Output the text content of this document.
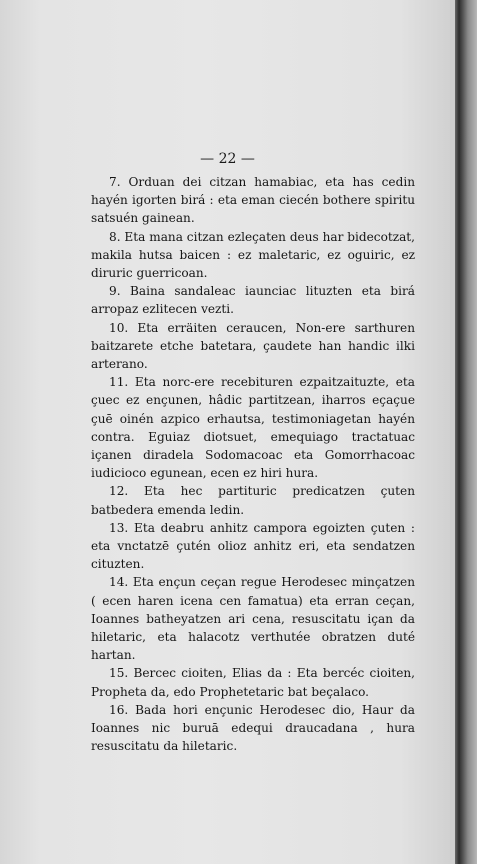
— 22 —

7. Orduan dei citzan hamabiac, eta has cedin hayén igorten birá : eta eman ciecén bothere spiritu satsuén gainean.

8. Eta mana citzan ezleçaten deus har bidecotzat, makila hutsa baicen : ez maletaric, ez oguiric, ez diruric guerricoan.

9. Baina sandaleac iaunciac lituzten eta birá arropaz ezlitecen vezti.

10. Eta erräiten ceraucen, Non-ere sarthuren baitzarete etche batetara, çaudete han handic ilki arterano.

11. Eta norc-ere recebituren ezpaitzaituzte, eta çuec ez ençunen, hâdic partitzean, iharros eçaçue çuē oinén azpico erhautsa, testimoniagetan hayén contra. Eguiaz diotsuet, emequiago tractatuac içanen diradela Sodomacoac eta Gomorrhacoac iudicioco egunean, ecen ez hiri hura.

12. Eta hec partituric predicatzen çuten batbedera emenda ledin.

13. Eta deabru anhitz campora egoizten çuten : eta vnctatzē çutén olioz anhitz eri, eta sendatzen cituzten.

14. Eta ençun ceçan regue Herodesec minçatzen ( ecen haren icena cen famatua) eta erran ceçan, Ioannes batheyatzen ari cena, resuscitatu içan da hiletaric, eta halacotz verthutée obratzen duté hartan.

15. Bercec cioiten, Elias da : Eta bercéc cioiten, Propheta da, edo Prophetetaric bat beçalaco.

16. Bada hori ençunic Herodesec dio, Haur da Ioannes nic buruā edequi draucadana , hura resuscitatu da hiletaric.
